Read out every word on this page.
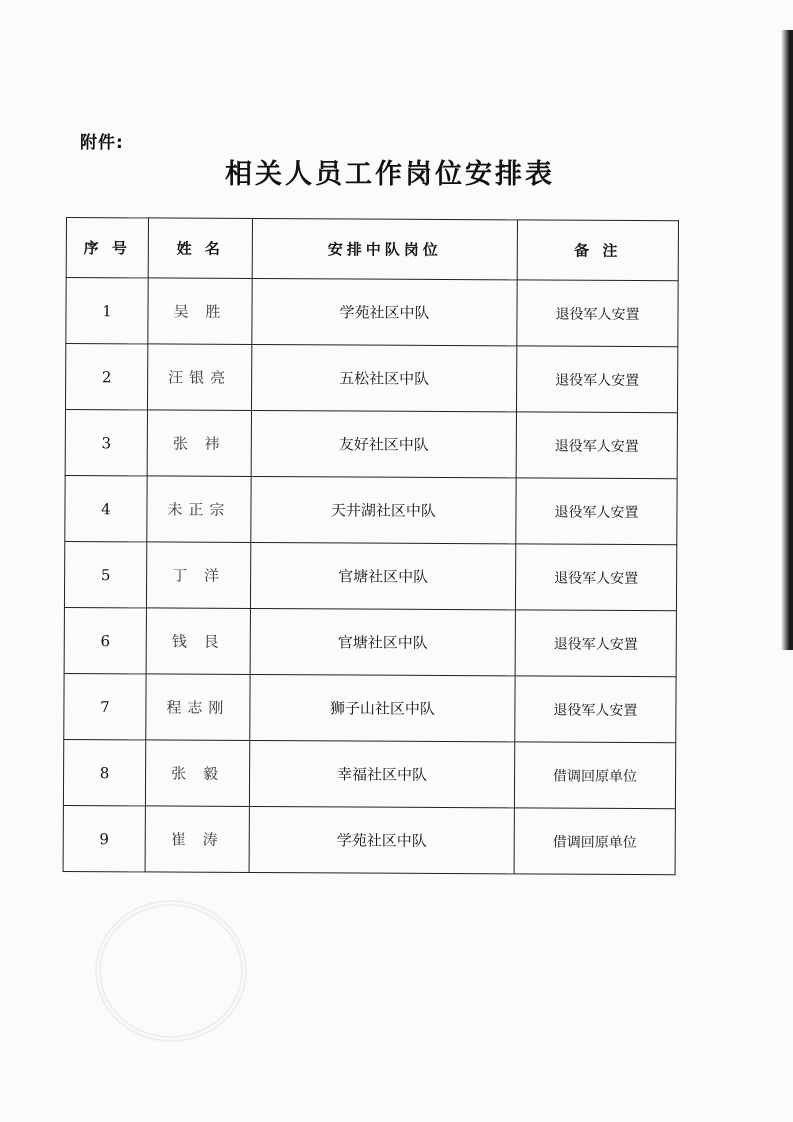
附件:
相关人员工作岗位安排表
序 号	姓 名	安排中队岗位	备 注
1	吴 胜	学苑社区中队	退役军人安置
2	汪银亮	五松社区中队	退役军人安置
3	张 祎	友好社区中队	退役军人安置
4	未正宗	天井湖社区中队	退役军人安置
5	丁 洋	官塘社区中队	退役军人安置
6	钱 艮	官塘社区中队	退役军人安置
7	程志刚	狮子山社区中队	退役军人安置
8	张 毅	幸福社区中队	借调回原单位
9	崔 涛	学苑社区中队	借调回原单位
